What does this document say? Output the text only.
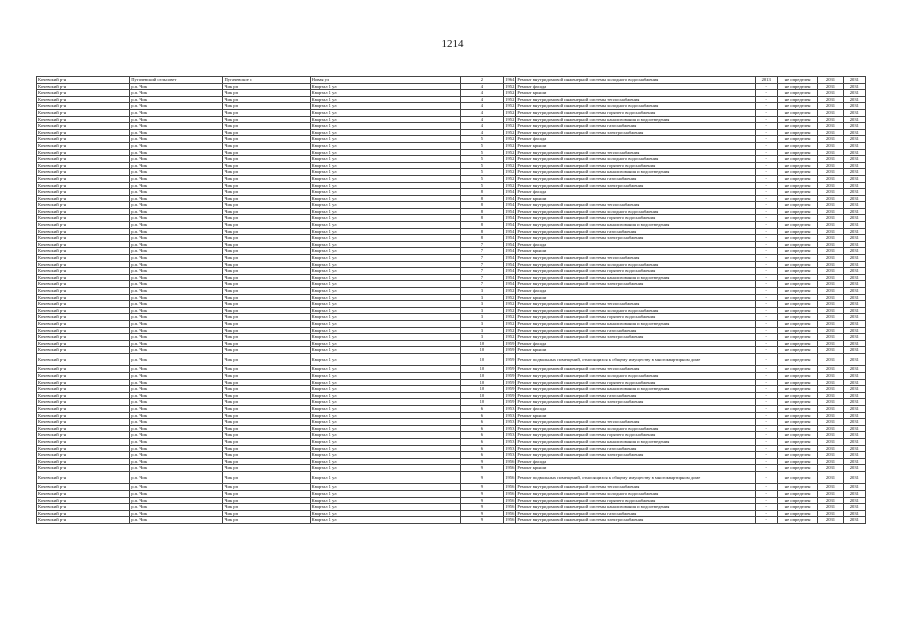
1214
Кочевский р-н	Пугачевский сельсовет	Пугачевское с	Новая ул	2	1964	Ремонт внутридомовой инженерной системы холодного водоснабжения	2013	не определен	2031	2031
Кочевский р-н	р.п. Чик	Чик рп	Квартал 1 ул	4	1952	Ремонт фасада	-	не определен	2031	2031
Кочевский р-н	р.п. Чик	Чик рп	Квартал 1 ул	4	1952	Ремонт крыши	-	не определен	2031	2031
Кочевский р-н	р.п. Чик	Чик рп	Квартал 1 ул	4	1952	Ремонт внутридомовой инженерной системы теплоснабжения	-	не определен	2031	2031
Кочевский р-н	р.п. Чик	Чик рп	Квартал 1 ул	4	1952	Ремонт внутридомовой инженерной системы холодного водоснабжения	-	не определен	2031	2031
Кочевский р-н	р.п. Чик	Чик рп	Квартал 1 ул	4	1952	Ремонт внутридомовой инженерной системы горячего водоснабжения	-	не определен	2031	2031
Кочевский р-н	р.п. Чик	Чик рп	Квартал 1 ул	4	1952	Ремонт внутридомовой инженерной системы канализования и водоотведения	-	не определен	2031	2031
Кочевский р-н	р.п. Чик	Чик рп	Квартал 1 ул	4	1952	Ремонт внутридомовой инженерной системы газоснабжения	-	не определен	2031	2031
Кочевский р-н	р.п. Чик	Чик рп	Квартал 1 ул	4	1952	Ремонт внутридомовой инженерной системы электроснабжения	-	не определен	2031	2031
Кочевский р-н	р.п. Чик	Чик рп	Квартал 1 ул	5	1952	Ремонт фасада	-	не определен	2031	2031
Кочевский р-н	р.п. Чик	Чик рп	Квартал 1 ул	5	1952	Ремонт крыши	-	не определен	2031	2031
Кочевский р-н	р.п. Чик	Чик рп	Квартал 1 ул	5	1952	Ремонт внутридомовой инженерной системы теплоснабжения	-	не определен	2031	2031
Кочевский р-н	р.п. Чик	Чик рп	Квартал 1 ул	5	1952	Ремонт внутридомовой инженерной системы холодного водоснабжения	-	не определен	2031	2031
Кочевский р-н	р.п. Чик	Чик рп	Квартал 1 ул	5	1952	Ремонт внутридомовой инженерной системы горячего водоснабжения	-	не определен	2031	2031
Кочевский р-н	р.п. Чик	Чик рп	Квартал 1 ул	5	1952	Ремонт внутридомовой инженерной системы канализования и водоотведения	-	не определен	2031	2031
Кочевский р-н	р.п. Чик	Чик рп	Квартал 1 ул	5	1952	Ремонт внутридомовой инженерной системы газоснабжения	-	не определен	2031	2031
Кочевский р-н	р.п. Чик	Чик рп	Квартал 1 ул	5	1952	Ремонт внутридомовой инженерной системы электроснабжения	-	не определен	2031	2031
Кочевский р-н	р.п. Чик	Чик рп	Квартал 1 ул	8	1954	Ремонт фасада	-	не определен	2031	2031
Кочевский р-н	р.п. Чик	Чик рп	Квартал 1 ул	8	1954	Ремонт крыши	-	не определен	2031	2031
Кочевский р-н	р.п. Чик	Чик рп	Квартал 1 ул	8	1954	Ремонт внутридомовой инженерной системы теплоснабжения	-	не определен	2031	2031
Кочевский р-н	р.п. Чик	Чик рп	Квартал 1 ул	8	1954	Ремонт внутридомовой инженерной системы холодного водоснабжения	-	не определен	2031	2031
Кочевский р-н	р.п. Чик	Чик рп	Квартал 1 ул	8	1954	Ремонт внутридомовой инженерной системы горячего водоснабжения	-	не определен	2031	2031
Кочевский р-н	р.п. Чик	Чик рп	Квартал 1 ул	8	1954	Ремонт внутридомовой инженерной системы канализования и водоотведения	-	не определен	2031	2031
Кочевский р-н	р.п. Чик	Чик рп	Квартал 1 ул	8	1954	Ремонт внутридомовой инженерной системы газоснабжения	-	не определен	2031	2031
Кочевский р-н	р.п. Чик	Чик рп	Квартал 1 ул	8	1954	Ремонт внутридомовой инженерной системы электроснабжения	-	не определен	2031	2031
Кочевский р-н	р.п. Чик	Чик рп	Квартал 1 ул	7	1954	Ремонт фасада	-	не определен	2031	2031
Кочевский р-н	р.п. Чик	Чик рп	Квартал 1 ул	7	1954	Ремонт крыши	-	не определен	2031	2031
Кочевский р-н	р.п. Чик	Чик рп	Квартал 1 ул	7	1954	Ремонт внутридомовой инженерной системы теплоснабжения	-	не определен	2031	2031
Кочевский р-н	р.п. Чик	Чик рп	Квартал 1 ул	7	1954	Ремонт внутридомовой инженерной системы холодного водоснабжения	-	не определен	2031	2031
Кочевский р-н	р.п. Чик	Чик рп	Квартал 1 ул	7	1954	Ремонт внутридомовой инженерной системы горячего водоснабжения	-	не определен	2031	2031
Кочевский р-н	р.п. Чик	Чик рп	Квартал 1 ул	7	1954	Ремонт внутридомовой инженерной системы канализования и водоотведения	-	не определен	2031	2031
Кочевский р-н	р.п. Чик	Чик рп	Квартал 1 ул	7	1954	Ремонт внутридомовой инженерной системы электроснабжения	-	не определен	2031	2031
Кочевский р-н	р.п. Чик	Чик рп	Квартал 1 ул	3	1952	Ремонт фасада	-	не определен	2031	2031
Кочевский р-н	р.п. Чик	Чик рп	Квартал 1 ул	3	1952	Ремонт крыши	-	не определен	2031	2031
Кочевский р-н	р.п. Чик	Чик рп	Квартал 1 ул	3	1952	Ремонт внутридомовой инженерной системы теплоснабжения	-	не определен	2031	2031
Кочевский р-н	р.п. Чик	Чик рп	Квартал 1 ул	3	1952	Ремонт внутридомовой инженерной системы холодного водоснабжения	-	не определен	2031	2031
Кочевский р-н	р.п. Чик	Чик рп	Квартал 1 ул	3	1952	Ремонт внутридомовой инженерной системы горячего водоснабжения	-	не определен	2031	2031
Кочевский р-н	р.п. Чик	Чик рп	Квартал 1 ул	3	1952	Ремонт внутридомовой инженерной системы канализования и водоотведения	-	не определен	2031	2031
Кочевский р-н	р.п. Чик	Чик рп	Квартал 1 ул	3	1952	Ремонт внутридомовой инженерной системы газоснабжения	-	не определен	2031	2031
Кочевский р-н	р.п. Чик	Чик рп	Квартал 1 ул	3	1952	Ремонт внутридомовой инженерной системы электроснабжения	-	не определен	2031	2031
Кочевский р-н	р.п. Чик	Чик рп	Квартал 1 ул	10	1959	Ремонт фасада	-	не определен	2031	2031
Кочевский р-н	р.п. Чик	Чик рп	Квартал 1 ул	10	1959	Ремонт крыши	-	не определен	2031	2031
Кочевский р-н	р.п. Чик	Чик рп	Квартал 1 ул	10	1959	Ремонт подвальных помещений, относящихся к общему имуществу в многоквартирном доме	-	не определен	2031	2031
Кочевский р-н	р.п. Чик	Чик рп	Квартал 1 ул	10	1959	Ремонт внутридомовой инженерной системы теплоснабжения	-	не определен	2031	2031
Кочевский р-н	р.п. Чик	Чик рп	Квартал 1 ул	10	1959	Ремонт внутридомовой инженерной системы холодного водоснабжения	-	не определен	2031	2031
Кочевский р-н	р.п. Чик	Чик рп	Квартал 1 ул	10	1959	Ремонт внутридомовой инженерной системы горячего водоснабжения	-	не определен	2031	2031
Кочевский р-н	р.п. Чик	Чик рп	Квартал 1 ул	10	1959	Ремонт внутридомовой инженерной системы канализования и водоотведения	-	не определен	2031	2031
Кочевский р-н	р.п. Чик	Чик рп	Квартал 1 ул	10	1959	Ремонт внутридомовой инженерной системы газоснабжения	-	не определен	2031	2031
Кочевский р-н	р.п. Чик	Чик рп	Квартал 1 ул	10	1959	Ремонт внутридомовой инженерной системы электроснабжения	-	не определен	2031	2031
Кочевский р-н	р.п. Чик	Чик рп	Квартал 1 ул	6	1953	Ремонт фасада	-	не определен	2031	2031
Кочевский р-н	р.п. Чик	Чик рп	Квартал 1 ул	6	1953	Ремонт крыши	-	не определен	2031	2031
Кочевский р-н	р.п. Чик	Чик рп	Квартал 1 ул	6	1953	Ремонт внутридомовой инженерной системы теплоснабжения	-	не определен	2031	2031
Кочевский р-н	р.п. Чик	Чик рп	Квартал 1 ул	6	1953	Ремонт внутридомовой инженерной системы холодного водоснабжения	-	не определен	2031	2031
Кочевский р-н	р.п. Чик	Чик рп	Квартал 1 ул	6	1953	Ремонт внутридомовой инженерной системы горячего водоснабжения	-	не определен	2031	2031
Кочевский р-н	р.п. Чик	Чик рп	Квартал 1 ул	6	1953	Ремонт внутридомовой инженерной системы канализования и водоотведения	-	не определен	2031	2031
Кочевский р-н	р.п. Чик	Чик рп	Квартал 1 ул	6	1953	Ремонт внутридомовой инженерной системы газоснабжения	-	не определен	2031	2031
Кочевский р-н	р.п. Чик	Чик рп	Квартал 1 ул	6	1953	Ремонт внутридомовой инженерной системы электроснабжения	-	не определен	2031	2031
Кочевский р-н	р.п. Чик	Чик рп	Квартал 1 ул	9	1956	Ремонт фасада	-	не определен	2031	2031
Кочевский р-н	р.п. Чик	Чик рп	Квартал 1 ул	9	1956	Ремонт крыши	-	не определен	2031	2031
Кочевский р-н	р.п. Чик	Чик рп	Квартал 1 ул	9	1956	Ремонт подвальных помещений, относящихся к общему имуществу в многоквартирном доме	-	не определен	2031	2031
Кочевский р-н	р.п. Чик	Чик рп	Квартал 1 ул	9	1956	Ремонт внутридомовой инженерной системы теплоснабжения	-	не определен	2031	2031
Кочевский р-н	р.п. Чик	Чик рп	Квартал 1 ул	9	1956	Ремонт внутридомовой инженерной системы холодного водоснабжения	-	не определен	2031	2031
Кочевский р-н	р.п. Чик	Чик рп	Квартал 1 ул	9	1956	Ремонт внутридомовой инженерной системы горячего водоснабжения	-	не определен	2031	2031
Кочевский р-н	р.п. Чик	Чик рп	Квартал 1 ул	9	1956	Ремонт внутридомовой инженерной системы канализования и водоотведения	-	не определен	2031	2031
Кочевский р-н	р.п. Чик	Чик рп	Квартал 1 ул	9	1956	Ремонт внутридомовой инженерной системы газоснабжения	-	не определен	2031	2031
Кочевский р-н	р.п. Чик	Чик рп	Квартал 1 ул	9	1956	Ремонт внутридомовой инженерной системы электроснабжения	-	не определен	2031	2031
